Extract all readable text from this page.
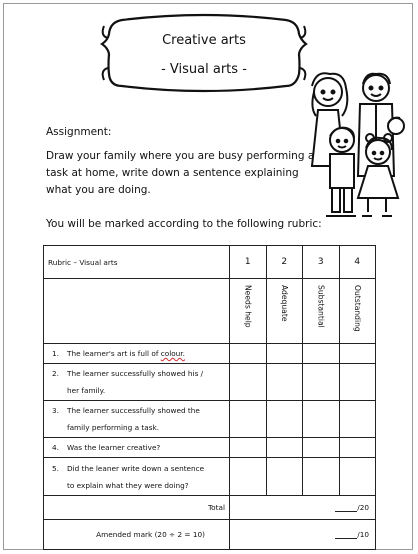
Creative arts
- Visual arts -
Assignment:
Draw your family where you are busy performing a
task at home, write down a sentence explaining
what you are doing.
You will be marked according to the following rubric:
Rubric – Visual arts	1	2	3	4

	Needs help	Adequate	Substantial	Outstanding

1. The learner's art is full of colour.				

2. The learner successfully showed his /
her family.				

3. The learner successfully showed the
family performing a task.				

4. Was the learner creative?				

5. Did the leaner write down a sentence
to explain what they were doing?				

Total	/20			
Amended mark (20 ÷ 2 = 10)	/10			
